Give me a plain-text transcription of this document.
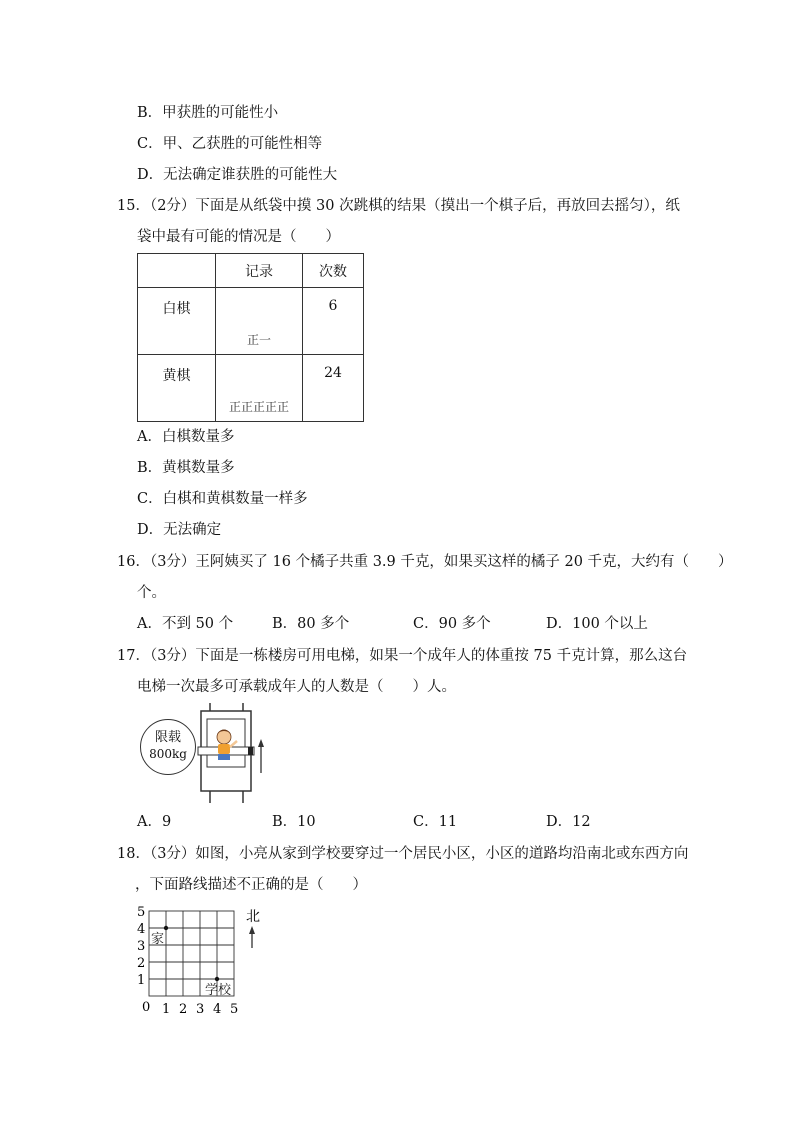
B．甲获胜的可能性小
C．甲、乙获胜的可能性相等
D．无法确定谁获胜的可能性大
15．（2分）下面是从纸袋中摸 30 次跳棋的结果（摸出一个棋子后，再放回去摇匀），纸
袋中最有可能的情况是（　　）
	记录	次数
白棋	正一	6
黄棋	正正正正正	24
A．白棋数量多
B．黄棋数量多
C．白棋和黄棋数量一样多
D．无法确定
16．（3分）王阿姨买了 16 个橘子共重 3.9 千克，如果买这样的橘子 20 千克，大约有（　　）
个。
A．不到 50 个	B．80 多个	C．90 多个	D．100 个以上
17．（3分）下面是一栋楼房可用电梯，如果一个成年人的体重按 75 千克计算，那么这台
电梯一次最多可承载成年人的人数是（　　）人。
限载
800kg
A．9	B．10	C．11	D．12
18．（3分）如图，小亮从家到学校要穿过一个居民小区，小区的道路均沿南北或东西方向
，下面路线描述不正确的是（　　）
5
4
3
2
1
0 1 2 3 4 5
家
学校
北
